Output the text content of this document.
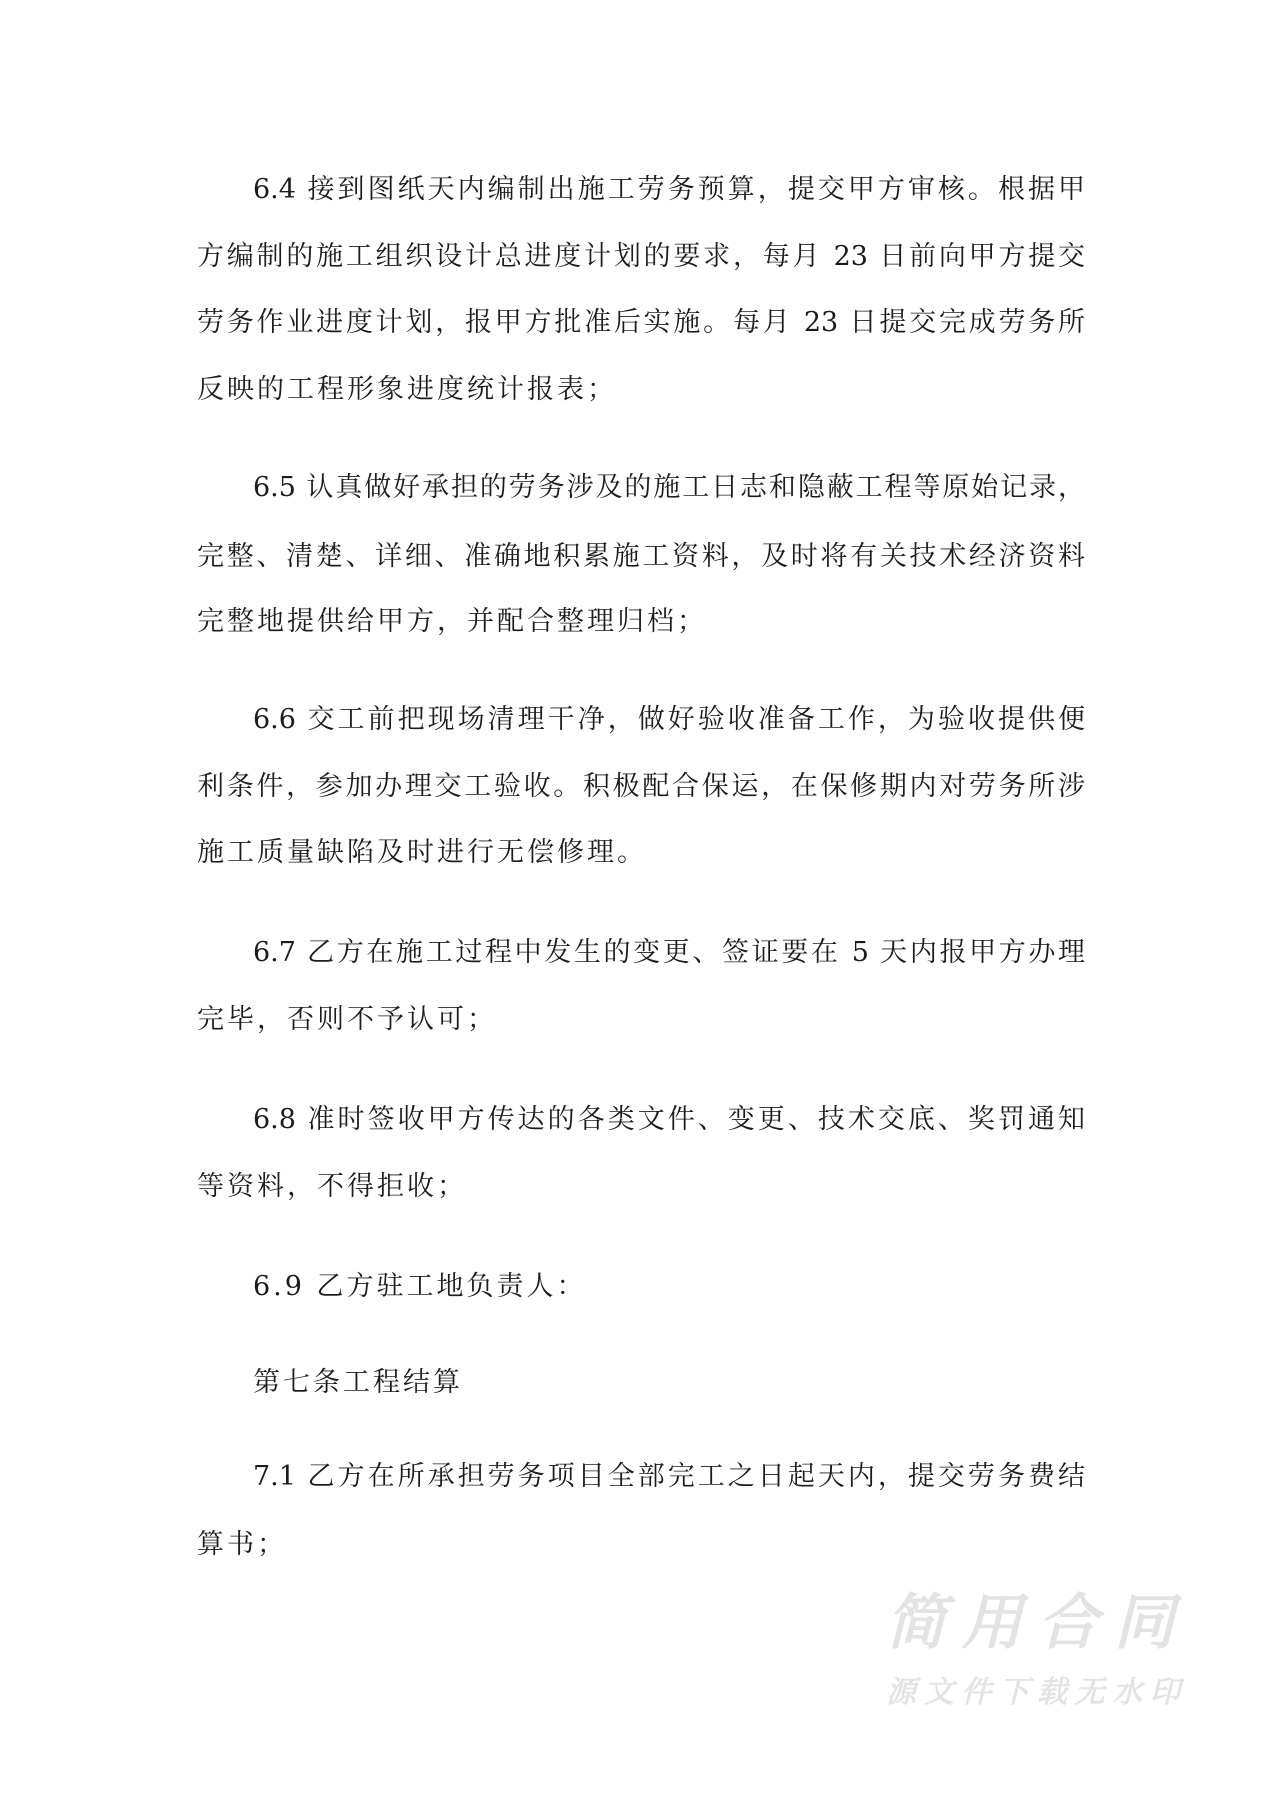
6.4 接到图纸天内编制出施工劳务预算，提交甲方审核。根据甲
方编制的施工组织设计总进度计划的要求，每月 23 日前向甲方提交
劳务作业进度计划，报甲方批准后实施。每月 23 日提交完成劳务所
反映的工程形象进度统计报表；
6.5 认真做好承担的劳务涉及的施工日志和隐蔽工程等原始记录，
完整、清楚、详细、准确地积累施工资料，及时将有关技术经济资料
完整地提供给甲方，并配合整理归档；
6.6 交工前把现场清理干净，做好验收准备工作，为验收提供便
利条件，参加办理交工验收。积极配合保运，在保修期内对劳务所涉
施工质量缺陷及时进行无偿修理。
6.7 乙方在施工过程中发生的变更、签证要在 5 天内报甲方办理
完毕，否则不予认可；
6.8 准时签收甲方传达的各类文件、变更、技术交底、奖罚通知
等资料，不得拒收；
6.9 乙方驻工地负责人：
第七条工程结算
7.1 乙方在所承担劳务项目全部完工之日起天内，提交劳务费结
算书；
简用合同
源文件下载无水印
